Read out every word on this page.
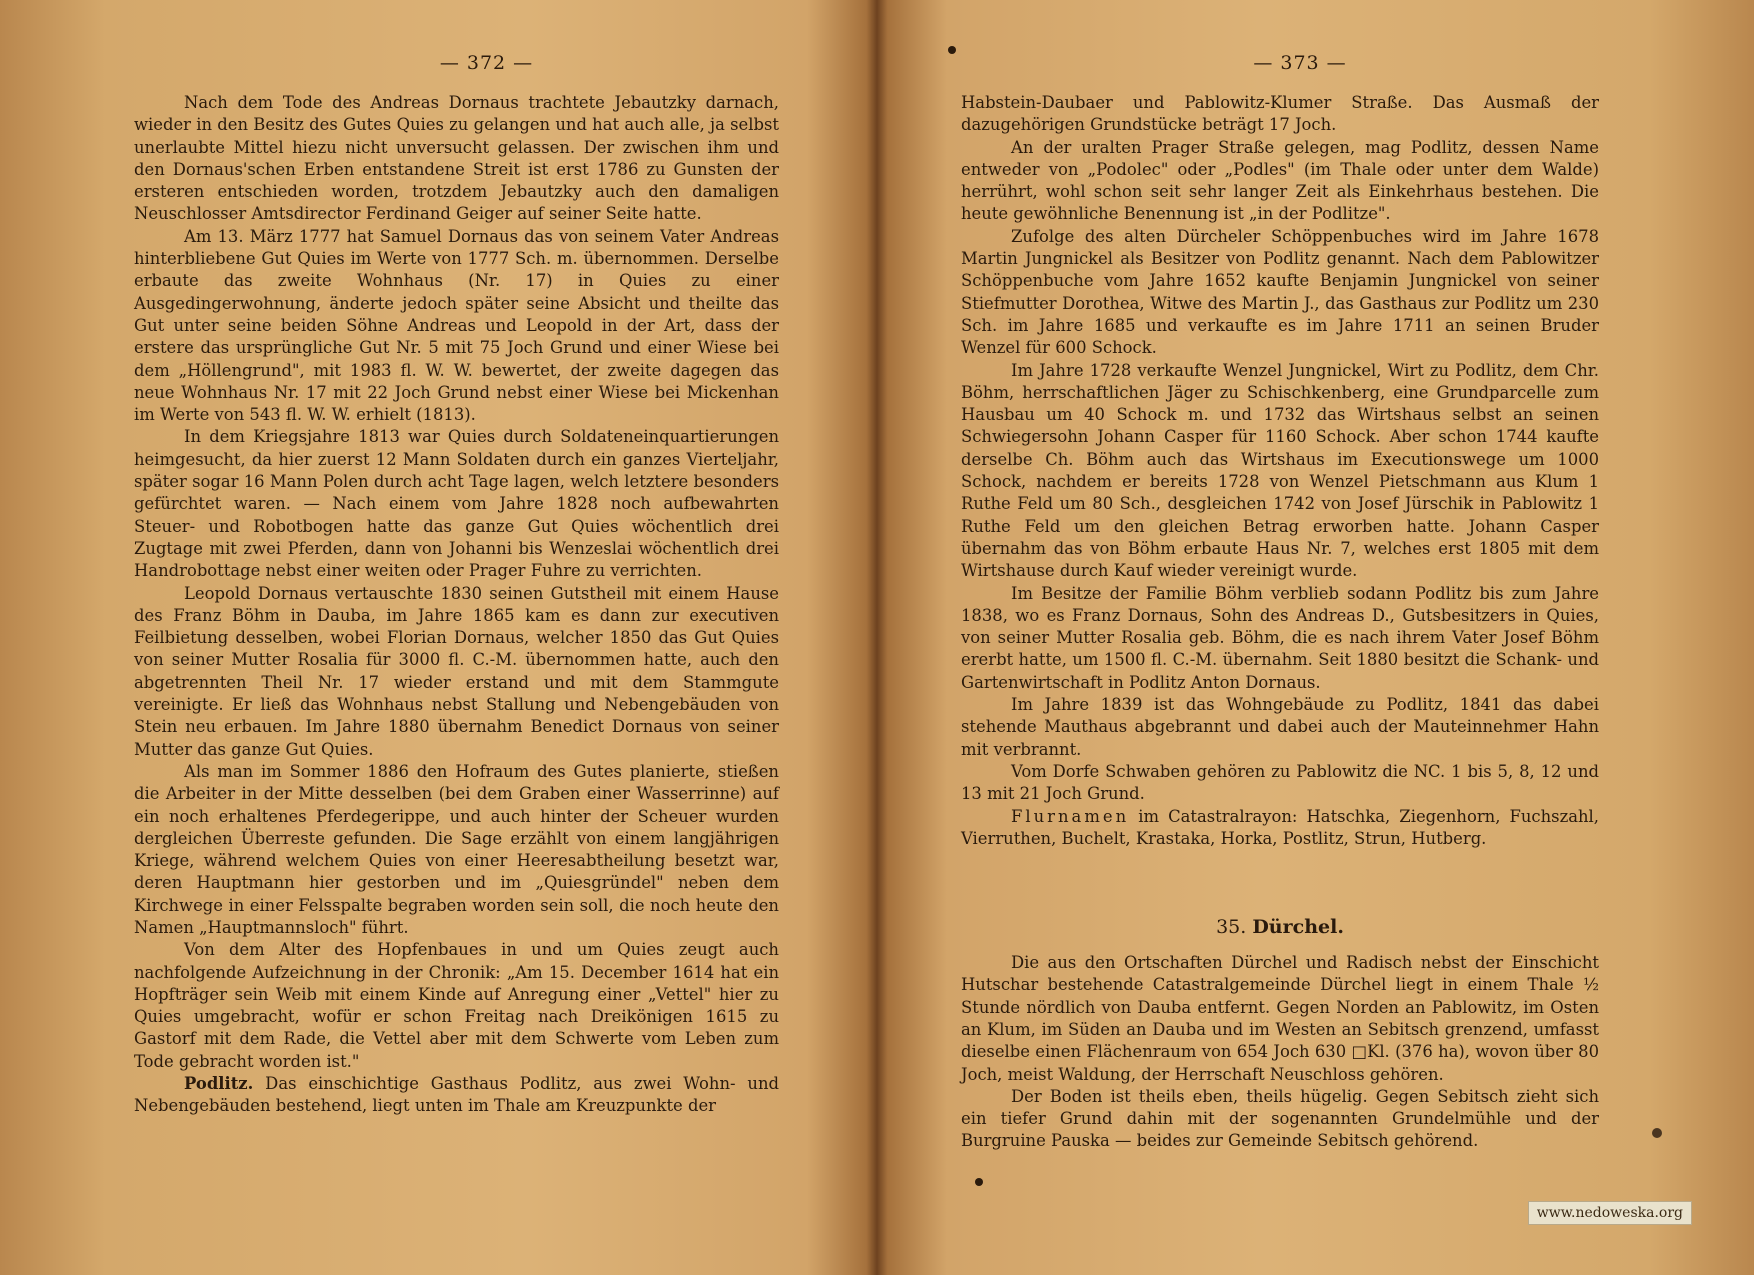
— 372 —

Nach dem Tode des Andreas Dornaus trachtete Jebautzky darnach, wieder in den Besitz des Gutes Quies zu gelangen und hat auch alle, ja selbst unerlaubte Mittel hiezu nicht unversucht gelassen. Der zwischen ihm und den Dornaus'schen Erben entstandene Streit ist erst 1786 zu Gunsten der ersteren entschieden worden, trotzdem Jebautzky auch den damaligen Neuschlosser Amtsdirector Ferdinand Geiger auf seiner Seite hatte.

Am 13. März 1777 hat Samuel Dornaus das von seinem Vater Andreas hinterbliebene Gut Quies im Werte von 1777 Sch. m. übernommen. Derselbe erbaute das zweite Wohnhaus (Nr. 17) in Quies zu einer Ausgedingerwohnung, änderte jedoch später seine Absicht und theilte das Gut unter seine beiden Söhne Andreas und Leopold in der Art, dass der erstere das ursprüngliche Gut Nr. 5 mit 75 Joch Grund und einer Wiese bei dem „Höllengrund", mit 1983 fl. W. W. bewertet, der zweite dagegen das neue Wohnhaus Nr. 17 mit 22 Joch Grund nebst einer Wiese bei Mickenhan im Werte von 543 fl. W. W. erhielt (1813).

In dem Kriegsjahre 1813 war Quies durch Soldateneinquartierungen heimgesucht, da hier zuerst 12 Mann Soldaten durch ein ganzes Vierteljahr, später sogar 16 Mann Polen durch acht Tage lagen, welch letztere besonders gefürchtet waren. — Nach einem vom Jahre 1828 noch aufbewahrten Steuer- und Robotbogen hatte das ganze Gut Quies wöchentlich drei Zugtage mit zwei Pferden, dann von Johanni bis Wenzeslai wöchentlich drei Handrobottage nebst einer weiten oder Prager Fuhre zu verrichten.

Leopold Dornaus vertauschte 1830 seinen Gutstheil mit einem Hause des Franz Böhm in Dauba, im Jahre 1865 kam es dann zur executiven Feilbietung desselben, wobei Florian Dornaus, welcher 1850 das Gut Quies von seiner Mutter Rosalia für 3000 fl. C.-M. übernommen hatte, auch den abgetrennten Theil Nr. 17 wieder erstand und mit dem Stammgute vereinigte. Er ließ das Wohnhaus nebst Stallung und Nebengebäuden von Stein neu erbauen. Im Jahre 1880 übernahm Benedict Dornaus von seiner Mutter das ganze Gut Quies.

Als man im Sommer 1886 den Hofraum des Gutes planierte, stießen die Arbeiter in der Mitte desselben (bei dem Graben einer Wasserrinne) auf ein noch erhaltenes Pferdegerippe, und auch hinter der Scheuer wurden dergleichen Überreste gefunden. Die Sage erzählt von einem langjährigen Kriege, während welchem Quies von einer Heeresabtheilung besetzt war, deren Hauptmann hier gestorben und im „Quiesgründel" neben dem Kirchwege in einer Felsspalte begraben worden sein soll, die noch heute den Namen „Hauptmannsloch" führt.

Von dem Alter des Hopfenbaues in und um Quies zeugt auch nachfolgende Aufzeichnung in der Chronik: „Am 15. December 1614 hat ein Hopfträger sein Weib mit einem Kinde auf Anregung einer „Vettel" hier zu Quies umgebracht, wofür er schon Freitag nach Dreikönigen 1615 zu Gastorf mit dem Rade, die Vettel aber mit dem Schwerte vom Leben zum Tode gebracht worden ist."

Podlitz. Das einschichtige Gasthaus Podlitz, aus zwei Wohn- und Nebengebäuden bestehend, liegt unten im Thale am Kreuzpunkte der

— 373 —

Habstein-Daubaer und Pablowitz-Klumer Straße. Das Ausmaß der dazugehörigen Grundstücke beträgt 17 Joch.

An der uralten Prager Straße gelegen, mag Podlitz, dessen Name entweder von „Podolec" oder „Podles" (im Thale oder unter dem Walde) herrührt, wohl schon seit sehr langer Zeit als Einkehrhaus bestehen. Die heute gewöhnliche Benennung ist „in der Podlitze".

Zufolge des alten Dürcheler Schöppenbuches wird im Jahre 1678 Martin Jungnickel als Besitzer von Podlitz genannt. Nach dem Pablowitzer Schöppenbuche vom Jahre 1652 kaufte Benjamin Jungnickel von seiner Stiefmutter Dorothea, Witwe des Martin J., das Gasthaus zur Podlitz um 230 Sch. im Jahre 1685 und verkaufte es im Jahre 1711 an seinen Bruder Wenzel für 600 Schock.

Im Jahre 1728 verkaufte Wenzel Jungnickel, Wirt zu Podlitz, dem Chr. Böhm, herrschaftlichen Jäger zu Schischkenberg, eine Grundparcelle zum Hausbau um 40 Schock m. und 1732 das Wirtshaus selbst an seinen Schwiegersohn Johann Casper für 1160 Schock. Aber schon 1744 kaufte derselbe Ch. Böhm auch das Wirtshaus im Executionswege um 1000 Schock, nachdem er bereits 1728 von Wenzel Pietschmann aus Klum 1 Ruthe Feld um 80 Sch., desgleichen 1742 von Josef Jürschik in Pablowitz 1 Ruthe Feld um den gleichen Betrag erworben hatte. Johann Casper übernahm das von Böhm erbaute Haus Nr. 7, welches erst 1805 mit dem Wirtshause durch Kauf wieder vereinigt wurde.

Im Besitze der Familie Böhm verblieb sodann Podlitz bis zum Jahre 1838, wo es Franz Dornaus, Sohn des Andreas D., Gutsbesitzers in Quies, von seiner Mutter Rosalia geb. Böhm, die es nach ihrem Vater Josef Böhm ererbt hatte, um 1500 fl. C.-M. übernahm. Seit 1880 besitzt die Schank- und Gartenwirtschaft in Podlitz Anton Dornaus.

Im Jahre 1839 ist das Wohngebäude zu Podlitz, 1841 das dabei stehende Mauthaus abgebrannt und dabei auch der Mauteinnehmer Hahn mit verbrannt.

Vom Dorfe Schwaben gehören zu Pablowitz die NC. 1 bis 5, 8, 12 und 13 mit 21 Joch Grund.

Flurnamen im Catastralrayon: Hatschka, Ziegenhorn, Fuchszahl, Vierruthen, Buchelt, Krastaka, Horka, Postlitz, Strun, Hutberg.

35. Dürchel.

Die aus den Ortschaften Dürchel und Radisch nebst der Einschicht Hutschar bestehende Catastralgemeinde Dürchel liegt in einem Thale ½ Stunde nördlich von Dauba entfernt. Gegen Norden an Pablowitz, im Osten an Klum, im Süden an Dauba und im Westen an Sebitsch grenzend, umfasst dieselbe einen Flächenraum von 654 Joch 630 □Kl. (376 ha), wovon über 80 Joch, meist Waldung, der Herrschaft Neuschloss gehören.

Der Boden ist theils eben, theils hügelig. Gegen Sebitsch zieht sich ein tiefer Grund dahin mit der sogenannten Grundelmühle und der Burgruine Pauska — beides zur Gemeinde Sebitsch gehörend.

www.nedoweska.org
